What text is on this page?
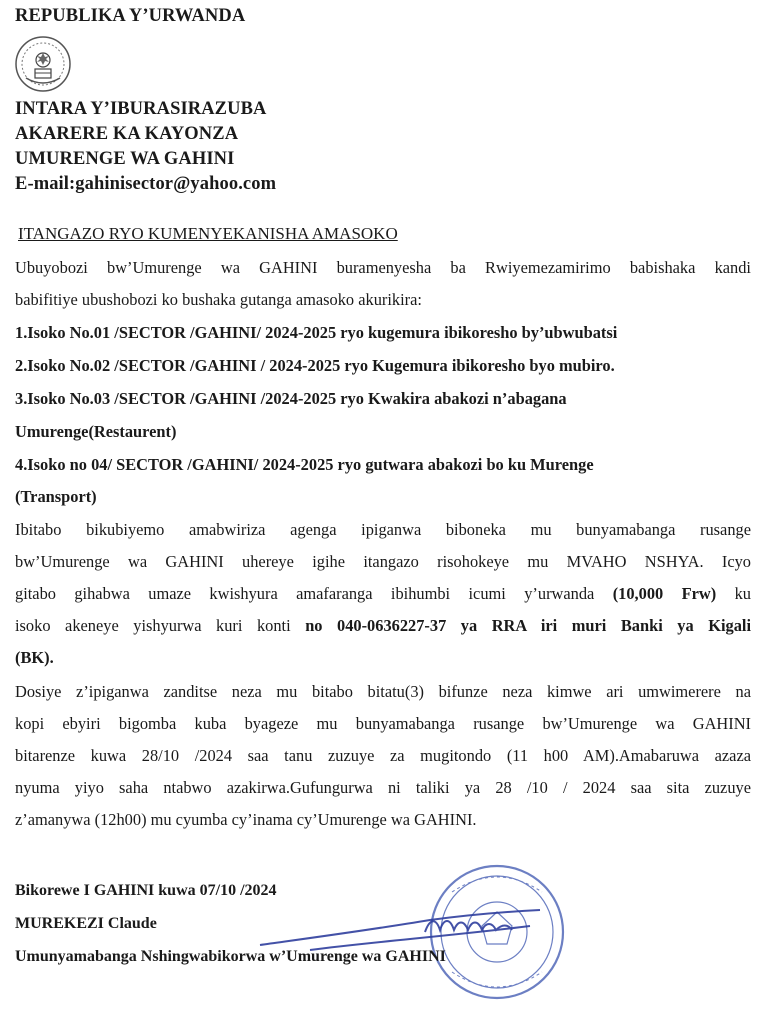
REPUBLIKA Y’URWANDA
INTARA Y’IBURASIRAZUBA
AKARERE KA KAYONZA
UMURENGE WA GAHINI
E-mail:gahinisector@yahoo.com
ITANGAZO RYO KUMENYEKANISHA AMASOKO
Ubuyobozi bw’Umurenge wa GAHINI buramenyesha ba Rwiyemezamirimo babishaka kandi
babifitiye ubushobozi ko bushaka gutanga amasoko akurikira:
1.Isoko No.01 /SECTOR /GAHINI/ 2024-2025 ryo kugemura ibikoresho by’ubwubatsi
2.Isoko No.02 /SECTOR /GAHINI / 2024-2025 ryo Kugemura ibikoresho byo mubiro.
3.Isoko No.03 /SECTOR /GAHINI /2024-2025 ryo Kwakira abakozi n’abagana
Umurenge(Restaurent)
4.Isoko no 04/ SECTOR /GAHINI/ 2024-2025 ryo gutwara abakozi bo ku Murenge
(Transport)
Ibitabo bikubiyemo amabwiriza agenga ipiganwa biboneka mu bunyamabanga rusange
bw’Umurenge wa GAHINI uhereye igihe itangazo risohokeye mu MVAHO NSHYA. Icyo
gitabo gihabwa umaze kwishyura amafaranga ibihumbi icumi y’urwanda (10,000 Frw) ku
isoko akeneye yishyurwa kuri konti no 040-0636227-37 ya RRA iri muri Banki ya Kigali
(BK).
Dosiye z’ipiganwa zanditse neza mu bitabo bitatu(3) bifunze neza kimwe ari umwimerere na
kopi ebyiri bigomba kuba byageze mu bunyamabanga rusange bw’Umurenge wa GAHINI
bitarenze kuwa 28/10 /2024 saa tanu zuzuye za mugitondo (11 h00 AM).Amabaruwa azaza
nyuma yiyo saha ntabwo azakirwa.Gufungurwa ni taliki ya 28 /10 / 2024 saa sita zuzuye
z’amanywa (12h00) mu cyumba cy’inama cy’Umurenge wa GAHINI.
Bikorewe I GAHINI kuwa 07/10 /2024
MUREKEZI Claude
Umunyamabanga Nshingwabikorwa w’Umurenge wa GAHINI
